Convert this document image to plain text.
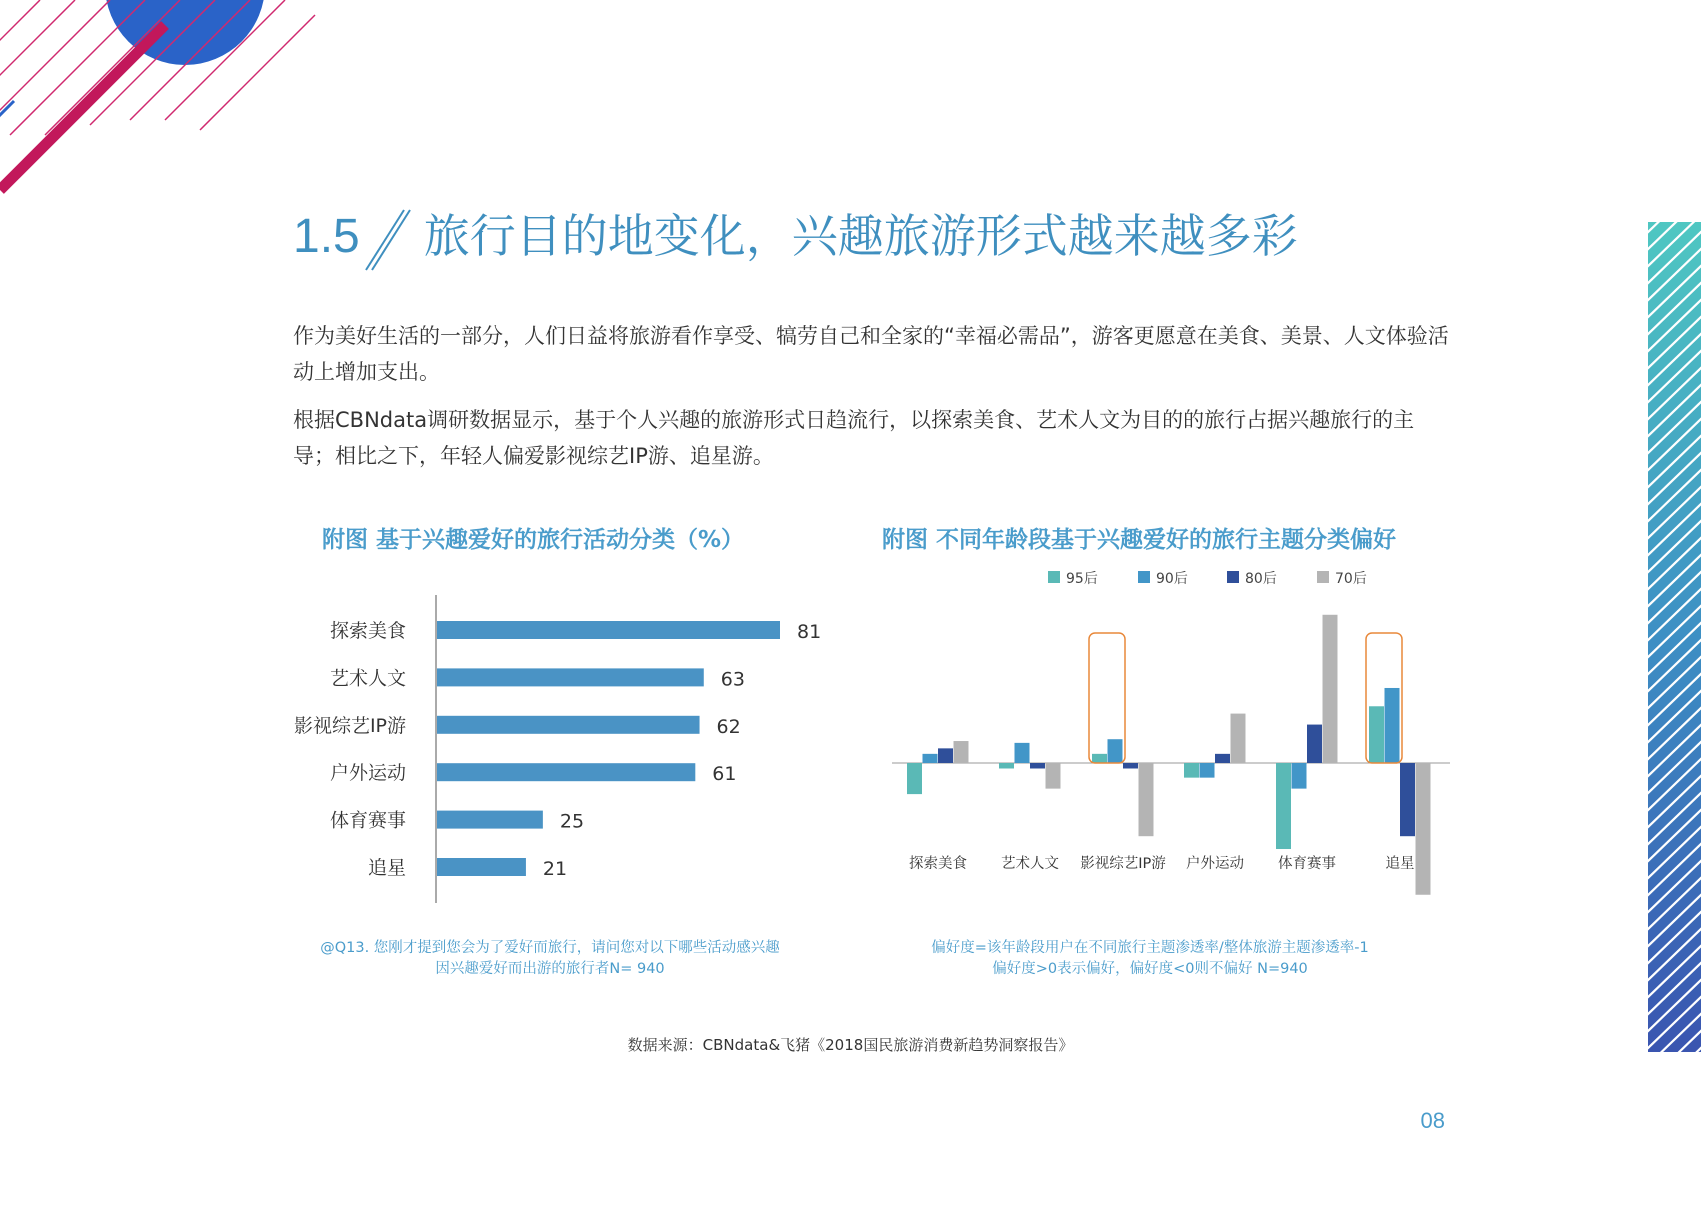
1.5 旅行目的地变化，兴趣旅游形式越来越多彩
作为美好生活的一部分，人们日益将旅游看作享受、犒劳自己和全家的“幸福必需品”，游客更愿意在美食、美景、人文体验活动上增加支出。
根据CBNdata调研数据显示，基于个人兴趣的旅游形式日趋流行，以探索美食、艺术人文为目的的旅行占据兴趣旅行的主导；相比之下，年轻人偏爱影视综艺IP游、追星游。
附图 基于兴趣爱好的旅行活动分类（%）	附图 不同年龄段基于兴趣爱好的旅行主题分类偏好
探索美食	81
艺术人文	63
影视综艺IP游	62
户外运动	61
体育赛事	25
追星	21
95后	90后	80后	70后
探索美食 艺术人文 影视综艺IP游 户外运动 体育赛事	追星
@Q13. 您刚才提到您会为了爱好而旅行，请问您对以下哪些活动感兴趣
因兴趣爱好而出游的旅行者N= 940
偏好度=该年龄段用户在不同旅行主题渗透率/整体旅游主题渗透率-1
偏好度>0表示偏好，偏好度<0则不偏好 N=940
数据来源：CBNdata&飞猪《2018国民旅游消费新趋势洞察报告》
08
